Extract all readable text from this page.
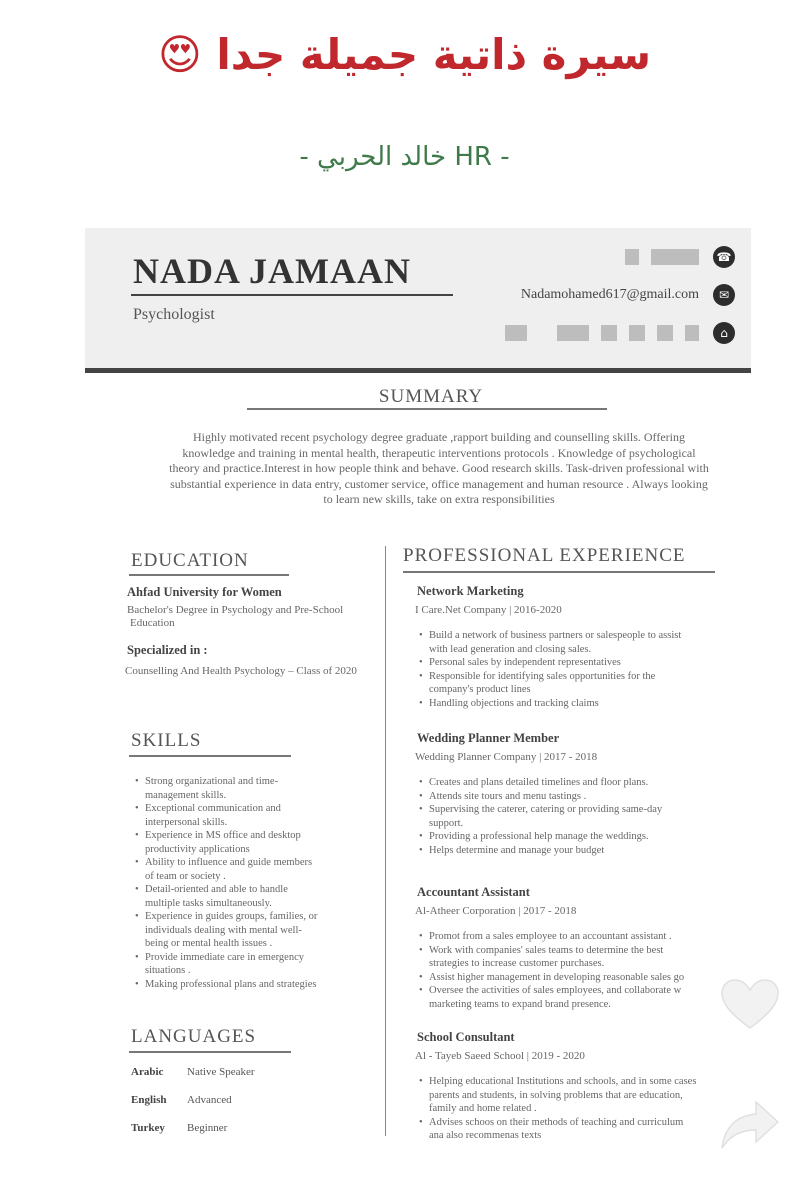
سيرة ذاتية جميلة جدا 😍
- خالد الحربي HR -
NADA JAMAAN
Psychologist
☎
Nadamohamed617@gmail.com	✉
⌂
SUMMARY
Highly motivated recent psychology degree graduate ,rapport building and counselling skills. Offering
knowledge and training in mental health, therapeutic interventions protocols . Knowledge of psychological
theory and practice.Interest in how people think and behave. Good research skills. Task-driven professional with
substantial experience in data entry, customer service, office management and human resource . Always looking
to learn new skills, take on extra responsibilities
EDUCATION
Ahfad University for Women
Bachelor's Degree in Psychology and Pre-School
Education
Specialized in :
Counselling And Health Psychology – Class of 2020
SKILLS
• Strong organizational and time-
management skills.
• Exceptional communication and
interpersonal skills.
• Experience in MS office and desktop
productivity applications
• Ability to influence and guide members
of team or society .
• Detail-oriented and able to handle
multiple tasks simultaneously.
• Experience in guides groups, families, or
individuals dealing with mental well-
being or mental health issues .
• Provide immediate care in emergency
situations .
• Making professional plans and strategies
LANGUAGES
Arabic	Native Speaker
English	Advanced
Turkey	Beginner
PROFESSIONAL EXPERIENCE
Network Marketing
I Care.Net Company | 2016-2020
• Build a network of business partners or salespeople to assist
with lead generation and closing sales.
• Personal sales by independent representatives
• Responsible for identifying sales opportunities for the
company's product lines
• Handling objections and tracking claims
Wedding Planner Member
Wedding Planner Company | 2017 - 2018
• Creates and plans detailed timelines and floor plans.
• Attends site tours and menu tastings .
• Supervising the caterer, catering or providing same-day
support.
• Providing a professional help manage the weddings.
• Helps determine and manage your budget
Accountant Assistant
Al-Atheer Corporation | 2017 - 2018
• Promot from a sales employee to an accountant assistant .
• Work with companies' sales teams to determine the best
strategies to increase customer purchases.
• Assist higher management in developing reasonable sales go
• Oversee the activities of sales employees, and collaborate w
marketing teams to expand brand presence.
School Consultant
Al - Tayeb Saeed School | 2019 - 2020
• Helping educational Institutions and schools, and in some cases
parents and students, in solving problems that are education,
family and home related .
• Advises schoos on their methods of teaching and curriculum
ana also recommenas texts
